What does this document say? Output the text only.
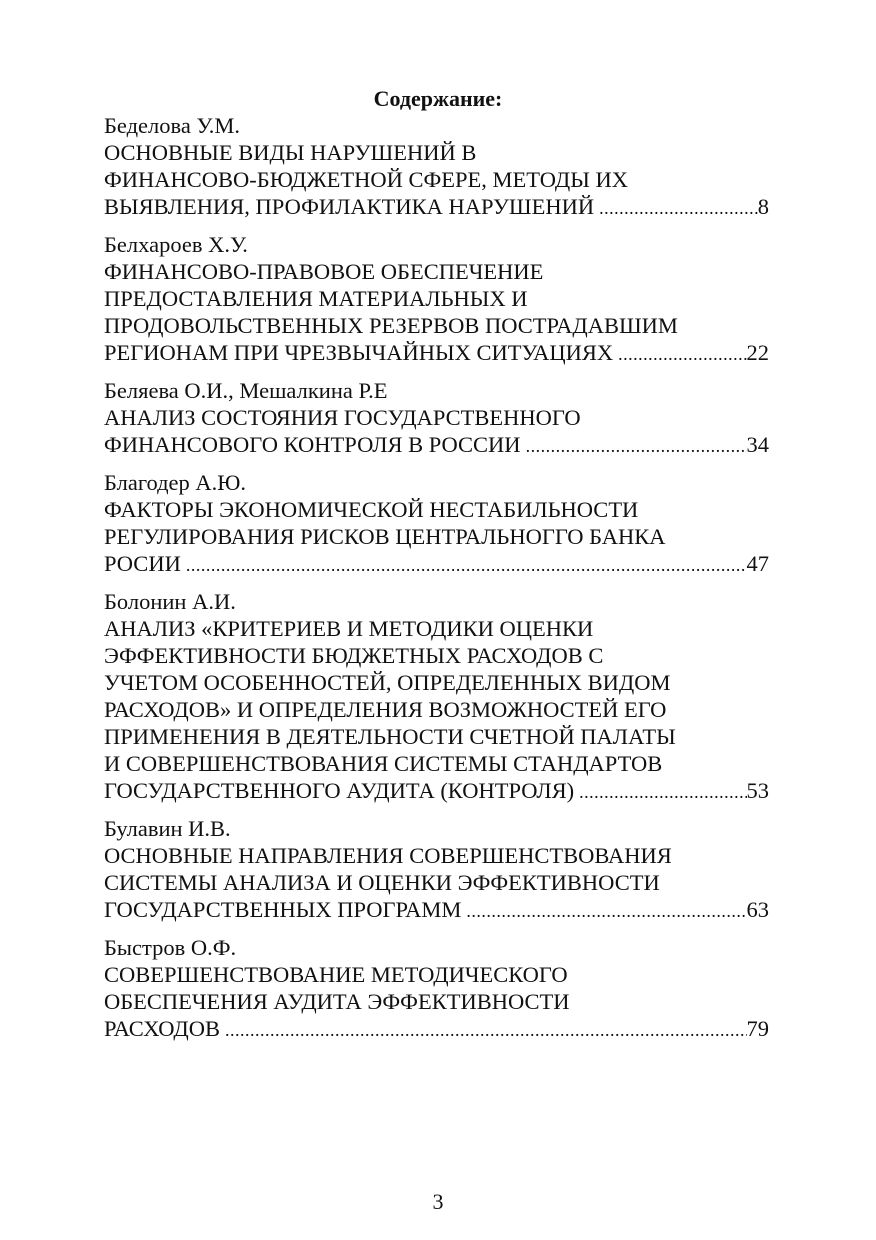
Содержание:
Беделова У.М.
ОСНОВНЫЕ ВИДЫ НАРУШЕНИЙ В
ФИНАНСОВО-БЮДЖЕТНОЙ СФЕРЕ, МЕТОДЫ ИХ
ВЫЯВЛЕНИЯ, ПРОФИЛАКТИКА НАРУШЕНИЙ .....	8
Белхароев Х.У.
ФИНАНСОВО-ПРАВОВОЕ ОБЕСПЕЧЕНИЕ
ПРЕДОСТАВЛЕНИЯ МАТЕРИАЛЬНЫХ И
ПРОДОВОЛЬСТВЕННЫХ РЕЗЕРВОВ ПОСТРАДАВШИМ
РЕГИОНАМ ПРИ ЧРЕЗВЫЧАЙНЫХ СИТУАЦИЯХ .....	22
Беляева О.И., Мешалкина Р.Е
АНАЛИЗ СОСТОЯНИЯ ГОСУДАРСТВЕННОГО
ФИНАНСОВОГО КОНТРОЛЯ В РОССИИ .....	34
Благодер А.Ю.
ФАКТОРЫ ЭКОНОМИЧЕСКОЙ НЕСТАБИЛЬНОСТИ
РЕГУЛИРОВАНИЯ РИСКОВ ЦЕНТРАЛЬНОГГО БАНКА
РОСИИ .....	47
Болонин А.И.
АНАЛИЗ «КРИТЕРИЕВ И МЕТОДИКИ ОЦЕНКИ
ЭФФЕКТИВНОСТИ БЮДЖЕТНЫХ РАСХОДОВ С
УЧЕТОМ ОСОБЕННОСТЕЙ, ОПРЕДЕЛЕННЫХ ВИДОМ
РАСХОДОВ» И ОПРЕДЕЛЕНИЯ ВОЗМОЖНОСТЕЙ ЕГО
ПРИМЕНЕНИЯ В ДЕЯТЕЛЬНОСТИ СЧЕТНОЙ ПАЛАТЫ
И СОВЕРШЕНСТВОВАНИЯ СИСТЕМЫ СТАНДАРТОВ
ГОСУДАРСТВЕННОГО АУДИТА (КОНТРОЛЯ) .....	53
Булавин И.В.
ОСНОВНЫЕ НАПРАВЛЕНИЯ СОВЕРШЕНСТВОВАНИЯ
СИСТЕМЫ АНАЛИЗА И ОЦЕНКИ ЭФФЕКТИВНОСТИ
ГОСУДАРСТВЕННЫХ ПРОГРАММ .....	63
Быстров О.Ф.
СОВЕРШЕНСТВОВАНИЕ МЕТОДИЧЕСКОГО
ОБЕСПЕЧЕНИЯ АУДИТА ЭФФЕКТИВНОСТИ
РАСХОДОВ .....	79
3
